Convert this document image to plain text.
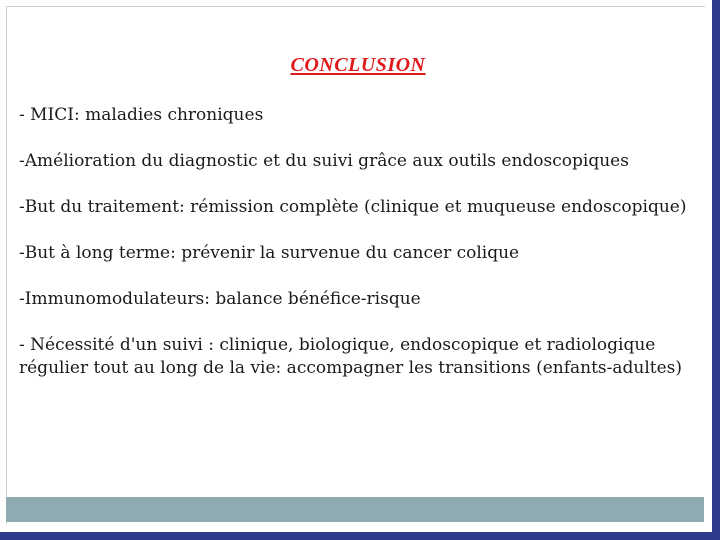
CONCLUSION

- MICI: maladies chroniques

-Amélioration du diagnostic et du suivi grâce aux outils endoscopiques

-But du traitement: rémission complète (clinique et muqueuse endoscopique)

-But à long terme: prévenir la survenue du cancer colique

-Immunomodulateurs: balance bénéfice-risque

- Nécessité d'un suivi : clinique, biologique, endoscopique et radiologique régulier tout au long de la vie: accompagner les transitions (enfants-adultes)
